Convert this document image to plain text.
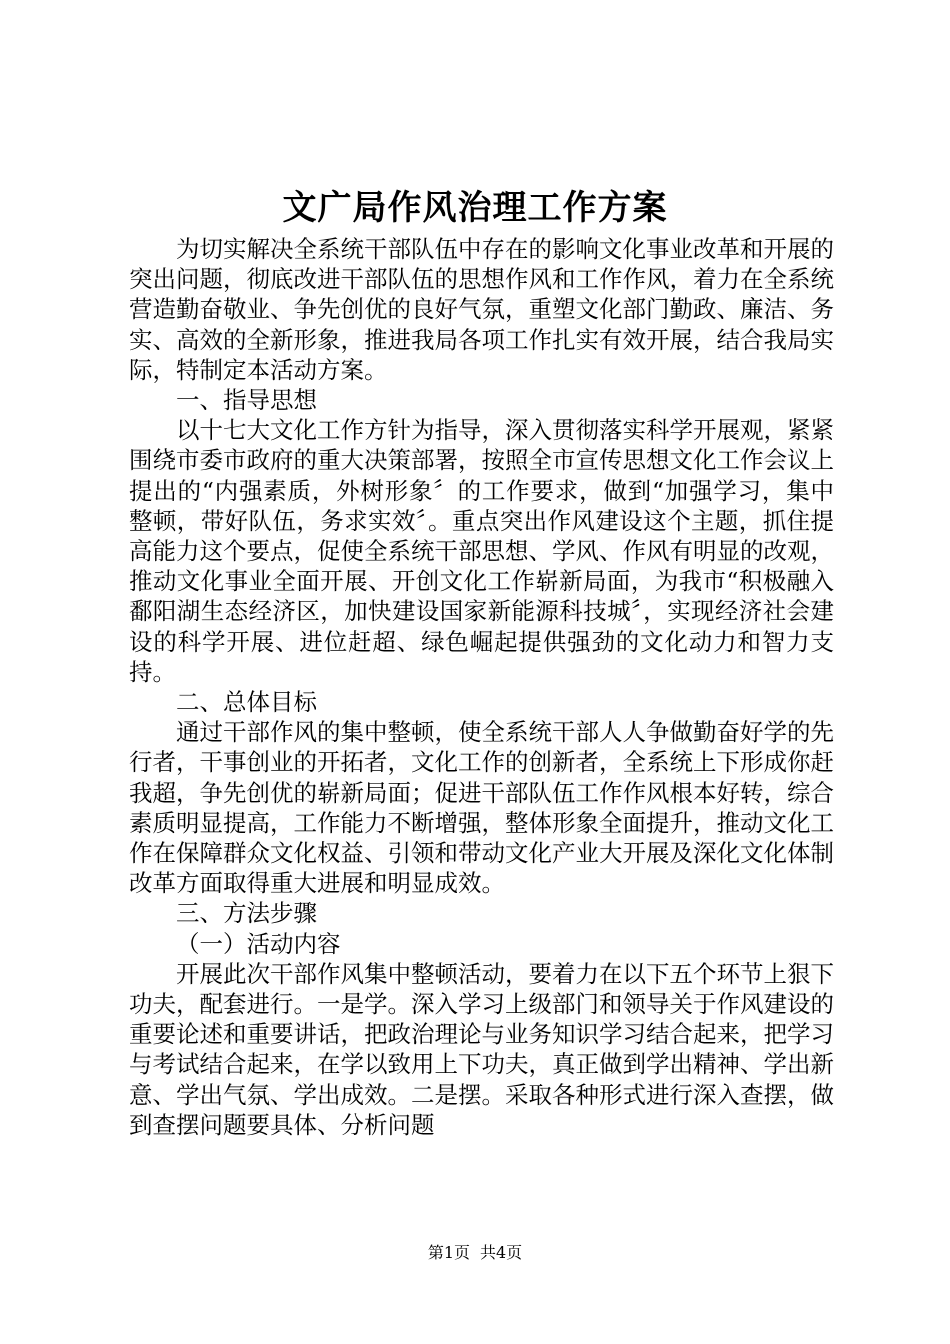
文广局作风治理工作方案

为切实解决全系统干部队伍中存在的影响文化事业改革和开展的突出问题，彻底改进干部队伍的思想作风和工作作风，着力在全系统营造勤奋敬业、争先创优的良好气氛，重塑文化部门勤政、廉洁、务实、高效的全新形象，推进我局各项工作扎实有效开展，结合我局实际，特制定本活动方案。

一、指导思想

以十七大文化工作方针为指导，深入贯彻落实科学开展观，紧紧围绕市委市政府的重大决策部署，按照全市宣传思想文化工作会议上提出的“内强素质，外树形象〞的工作要求，做到“加强学习，集中整顿，带好队伍，务求实效〞。重点突出作风建设这个主题，抓住提高能力这个要点，促使全系统干部思想、学风、作风有明显的改观，推动文化事业全面开展、开创文化工作崭新局面，为我市“积极融入鄱阳湖生态经济区，加快建设国家新能源科技城〞，实现经济社会建设的科学开展、进位赶超、绿色崛起提供强劲的文化动力和智力支持。

二、总体目标

通过干部作风的集中整顿，使全系统干部人人争做勤奋好学的先行者，干事创业的开拓者，文化工作的创新者，全系统上下形成你赶我超，争先创优的崭新局面；促进干部队伍工作作风根本好转，综合素质明显提高，工作能力不断增强，整体形象全面提升，推动文化工作在保障群众文化权益、引领和带动文化产业大开展及深化文化体制改革方面取得重大进展和明显成效。

三、方法步骤

（一）活动内容

开展此次干部作风集中整顿活动，要着力在以下五个环节上狠下功夫，配套进行。一是学。深入学习上级部门和领导关于作风建设的重要论述和重要讲话，把政治理论与业务知识学习结合起来，把学习与考试结合起来，在学以致用上下功夫，真正做到学出精神、学出新意、学出气氛、学出成效。二是摆。采取各种形式进行深入查摆，做到查摆问题要具体、分析问题

第1页 共4页
